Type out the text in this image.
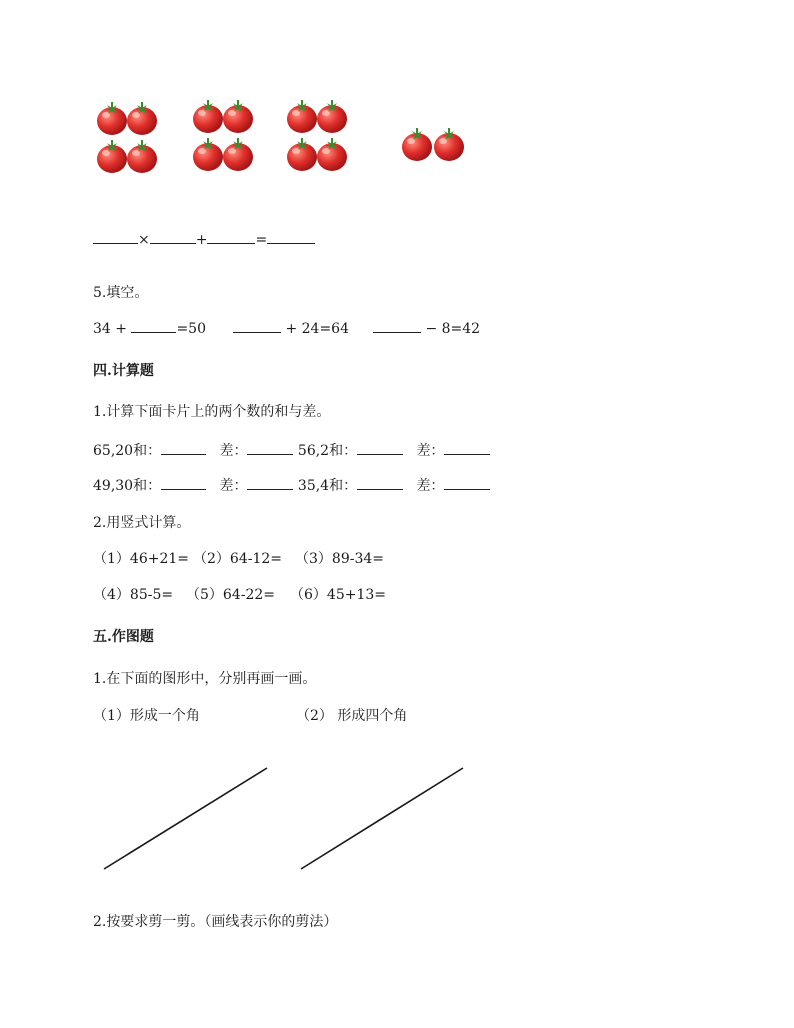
×	+	=
5.填空。
34 +	=50	+ 24=64	− 8=42
四.计算题
1.计算下面卡片上的两个数的和与差。
65,20和：	差：	56,2和：	差：
49,30和：	差：	35,4和：	差：
2.用竖式计算。
（1）46+21= （2）64-12= （3）89-34=
（4）85-5= （5）64-22= （6）45+13=
五.作图题
1.在下面的图形中，分别再画一画。
（1）形成一个角	（2） 形成四个角
2.按要求剪一剪。（画线表示你的剪法）
